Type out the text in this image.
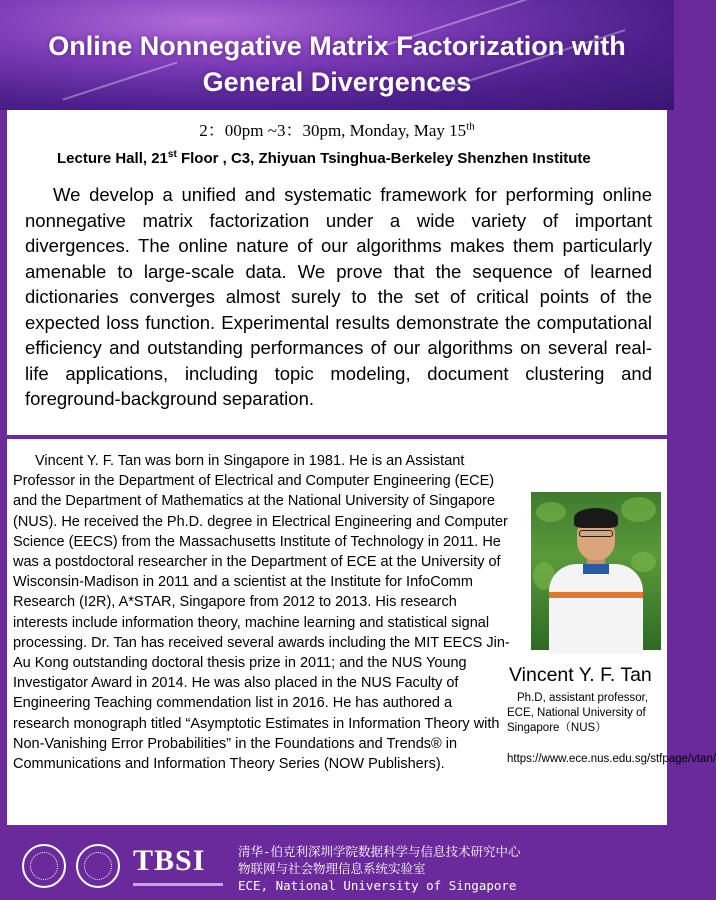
Online Nonnegative Matrix Factorization with
General Divergences
2：00pm ~3：30pm, Monday, May 15th
Lecture Hall, 21st Floor , C3, Zhiyuan Tsinghua-Berkeley Shenzhen Institute

We develop a unified and systematic framework for performing online nonnegative matrix factorization under a wide variety of important divergences. The online nature of our algorithms makes them particularly amenable to large-scale data. We prove that the sequence of learned dictionaries converges almost surely to the set of critical points of the expected loss function. Experimental results demonstrate the computational efficiency and outstanding performances of our algorithms on several real-life applications, including topic modeling, document clustering and foreground-background separation.

Vincent Y. F. Tan was born in Singapore in 1981. He is an Assistant Professor in the Department of Electrical and Computer Engineering (ECE) and the Department of Mathematics at the National University of Singapore (NUS). He received the Ph.D. degree in Electrical Engineering and Computer Science (EECS) from the Massachusetts Institute of Technology in 2011. He was a postdoctoral researcher in the Department of ECE at the University of Wisconsin-Madison in 2011 and a scientist at the Institute for InfoComm Research (I2R), A*STAR, Singapore from 2012 to 2013. His research interests include information theory, machine learning and statistical signal processing. Dr. Tan has received several awards including the MIT EECS Jin-Au Kong outstanding doctoral thesis prize in 2011; and the NUS Young Investigator Award in 2014. He was also placed in the NUS Faculty of Engineering Teaching commendation list in 2016. He has authored a research monograph titled “Asymptotic Estimates in Information Theory with Non-Vanishing Error Probabilities” in the Foundations and Trends® in Communications and Information Theory Series (NOW Publishers).

Vincent Y. F. Tan

Ph.D, assistant professor, ECE, National University of Singapore（NUS）

https://www.ece.nus.edu.sg/stfpage/vtan/

TBSI	清华-伯克利深圳学院数据科学与信息技术研究中心
物联网与社会物理信息系统实验室
ECE, National University of Singapore
